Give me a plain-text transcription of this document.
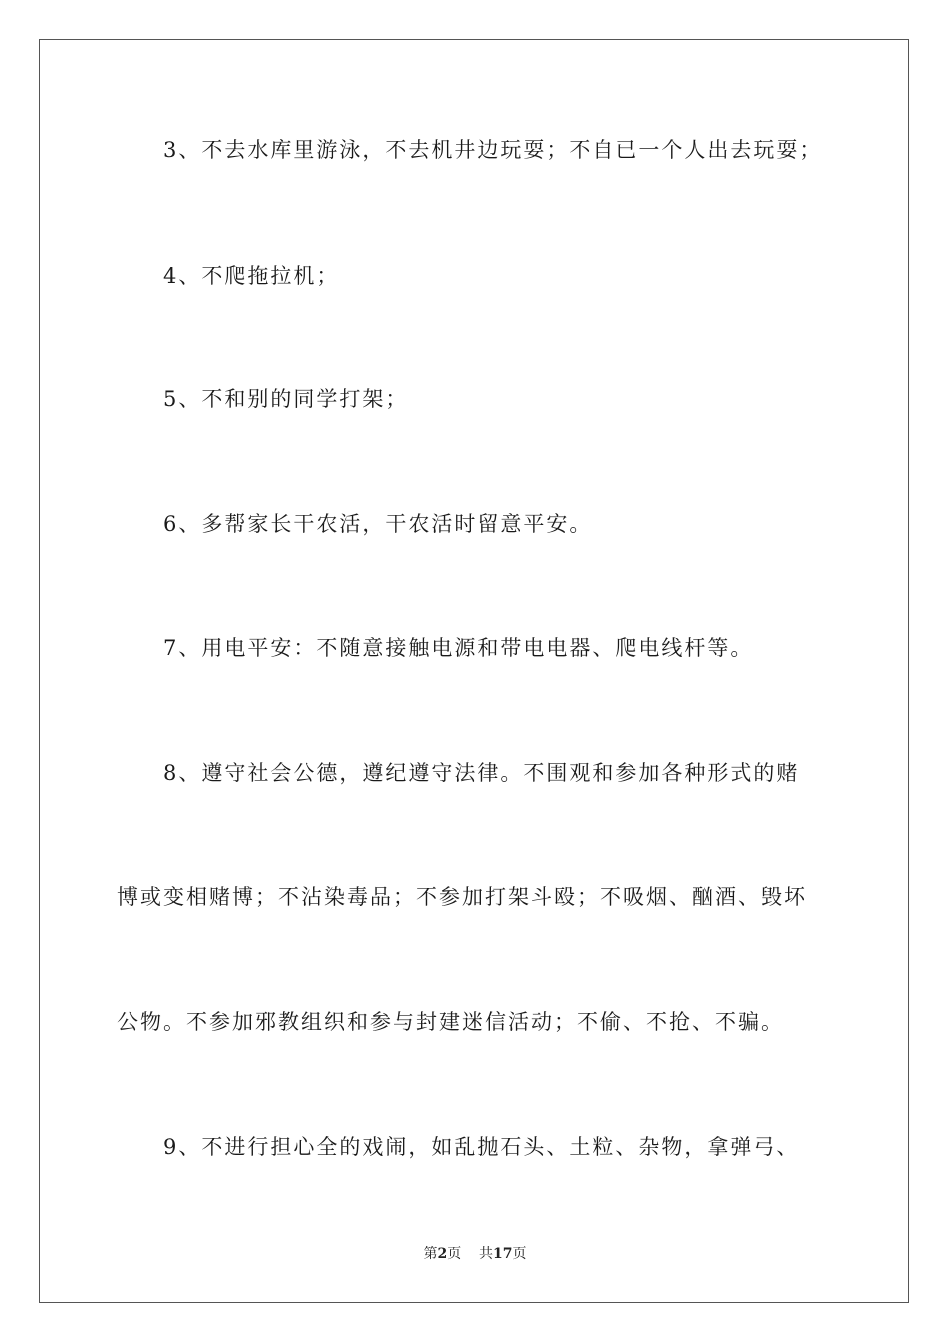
3、不去水库里游泳，不去机井边玩耍；不自已一个人出去玩耍；

4、不爬拖拉机；

5、不和别的同学打架；

6、多帮家长干农活，干农活时留意平安。

7、用电平安：不随意接触电源和带电电器、爬电线杆等。

8、遵守社会公德，遵纪遵守法律。不围观和参加各种形式的赌

博或变相赌博；不沾染毒品；不参加打架斗殴；不吸烟、酗酒、毁坏

公物。不参加邪教组织和参与封建迷信活动；不偷、不抢、不骗。

9、不进行担心全的戏闹，如乱抛石头、土粒、杂物，拿弹弓、

第2页 共17页
